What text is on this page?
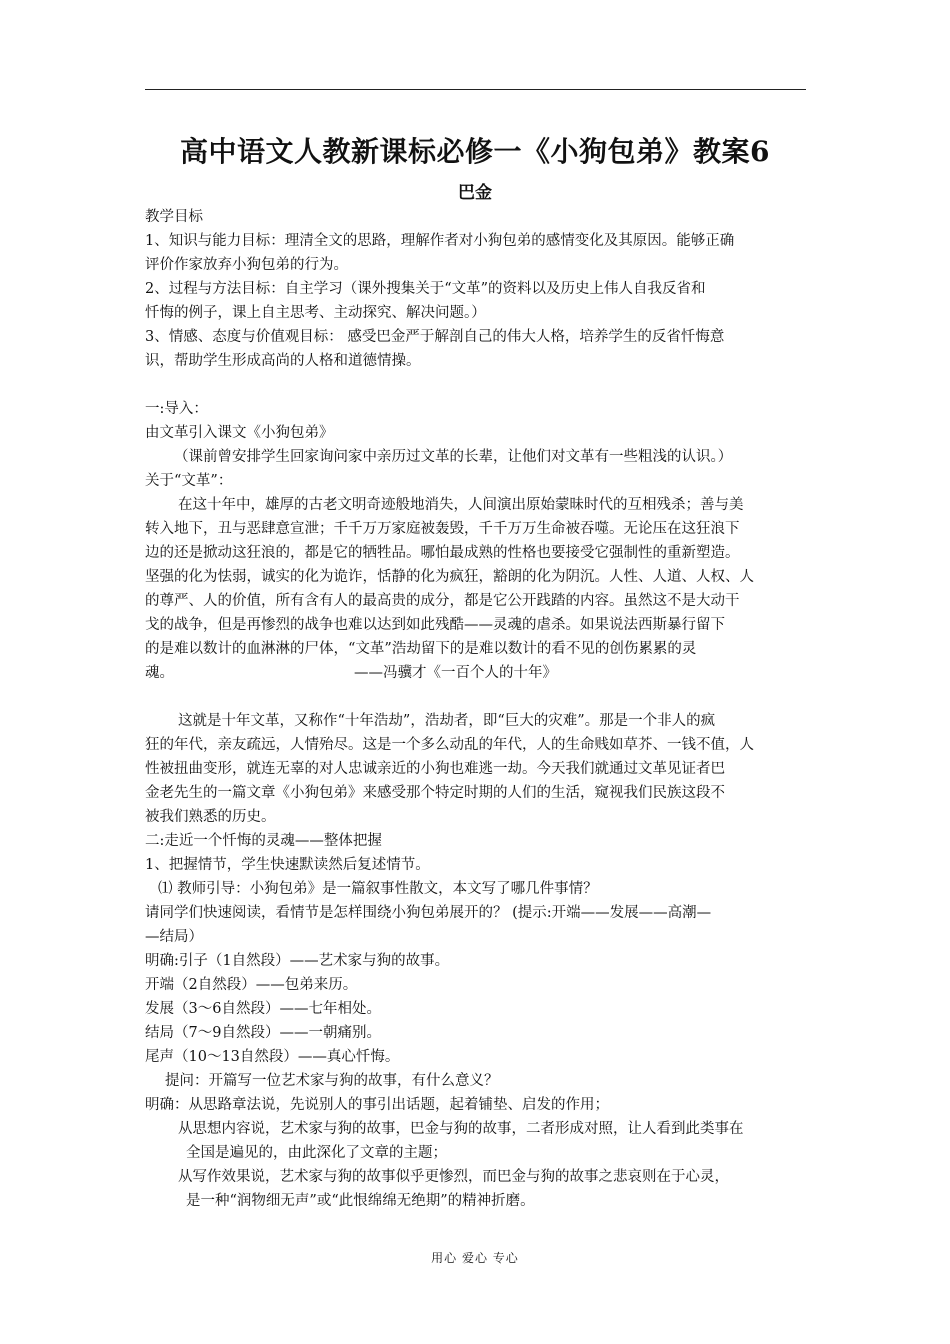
高中语文人教新课标必修一《小狗包弟》教案6
巴金
教学目标
1、知识与能力目标：理清全文的思路，理解作者对小狗包弟的感情变化及其原因。能够正确
评价作家放弃小狗包弟的行为。
2、过程与方法目标：自主学习（课外搜集关于“文革”的资料以及历史上伟人自我反省和
忏悔的例子，课上自主思考、主动探究、解决问题。）
3、情感、态度与价值观目标： 感受巴金严于解剖自己的伟大人格，培养学生的反省忏悔意
识，帮助学生形成高尚的人格和道德情操。
一:导入：
由文革引入课文《小狗包弟》
（课前曾安排学生回家询问家中亲历过文革的长辈，让他们对文革有一些粗浅的认识。）
关于“文革”：
在这十年中，雄厚的古老文明奇迹般地消失，人间演出原始蒙昧时代的互相残杀；善与美
转入地下，丑与恶肆意宣泄；千千万万家庭被轰毁，千千万万生命被吞噬。无论压在这狂浪下
边的还是掀动这狂浪的，都是它的牺牲品。哪怕最成熟的性格也要接受它强制性的重新塑造。
坚强的化为怯弱，诚实的化为诡诈，恬静的化为疯狂，豁朗的化为阴沉。人性、人道、人权、人
的尊严、人的价值，所有含有人的最高贵的成分，都是它公开践踏的内容。虽然这不是大动干
戈的战争，但是再惨烈的战争也难以达到如此残酷——灵魂的虐杀。如果说法西斯暴行留下
的是难以数计的血淋淋的尸体，“文革”浩劫留下的是难以数计的看不见的创伤累累的灵
魂。	——冯骥才《一百个人的十年》
这就是十年文革，又称作“十年浩劫”，浩劫者，即“巨大的灾难”。那是一个非人的疯
狂的年代，亲友疏远，人情殆尽。这是一个多么动乱的年代，人的生命贱如草芥、一钱不值，人
性被扭曲变形，就连无辜的对人忠诚亲近的小狗也难逃一劫。今天我们就通过文革见证者巴
金老先生的一篇文章《小狗包弟》来感受那个特定时期的人们的生活，窥视我们民族这段不
被我们熟悉的历史。
二:走近一个忏悔的灵魂——整体把握
1、把握情节，学生快速默读然后复述情节。
⑴ 教师引导：小狗包弟》是一篇叙事性散文，本文写了哪几件事情？
请同学们快速阅读，看情节是怎样围绕小狗包弟展开的？ (提示:开端——发展——高潮—
—结局）
明确:引子（1自然段）——艺术家与狗的故事。
开端（2自然段）——包弟来历。
发展（3～6自然段）——七年相处。
结局（7～9自然段）——一朝痛别。
尾声（10～13自然段）——真心忏悔。
提问：开篇写一位艺术家与狗的故事，有什么意义？
明确：从思路章法说，先说别人的事引出话题，起着铺垫、启发的作用；
从思想内容说，艺术家与狗的故事，巴金与狗的故事，二者形成对照，让人看到此类事在
全国是遍见的，由此深化了文章的主题；
从写作效果说，艺术家与狗的故事似乎更惨烈，而巴金与狗的故事之悲哀则在于心灵，
是一种“润物细无声”或“此恨绵绵无绝期”的精神折磨。
用心 爱心 专心
